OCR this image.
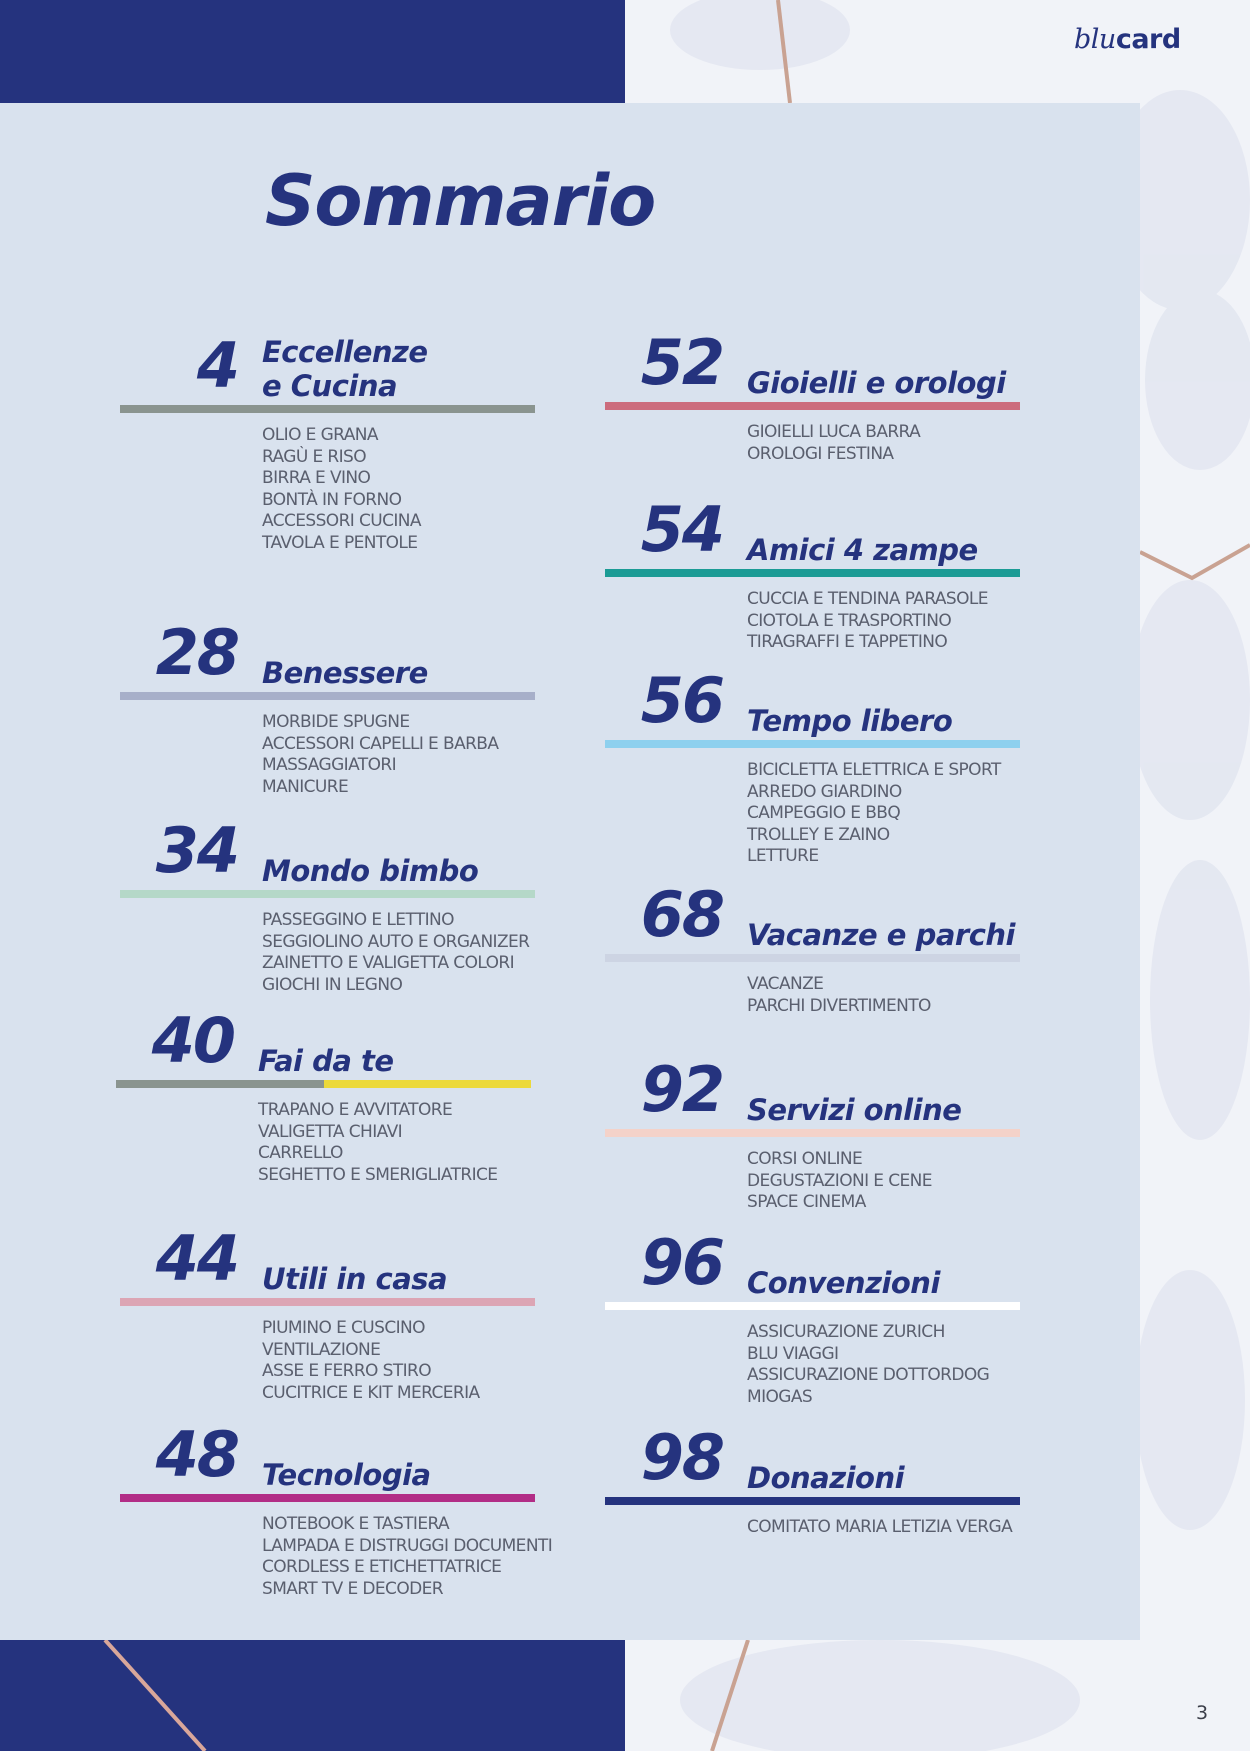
blucard
Sommario
4 Eccellenze
e Cucina
OLIO E GRANA
RAGÙ E RISO
BIRRA E VINO
BONTÀ IN FORNO
ACCESSORI CUCINA
TAVOLA E PENTOLE
28 Benessere
MORBIDE SPUGNE
ACCESSORI CAPELLI E BARBA
MASSAGGIATORI
MANICURE
34 Mondo bimbo
PASSEGGINO E LETTINO
SEGGIOLINO AUTO E ORGANIZER
ZAINETTO E VALIGETTA COLORI
GIOCHI IN LEGNO
40 Fai da te
TRAPANO E AVVITATORE
VALIGETTA CHIAVI
CARRELLO
SEGHETTO E SMERIGLIATRICE
44 Utili in casa
PIUMINO E CUSCINO
VENTILAZIONE
ASSE E FERRO STIRO
CUCITRICE E KIT MERCERIA
48 Tecnologia
NOTEBOOK E TASTIERA
LAMPADA E DISTRUGGI DOCUMENTI
CORDLESS E ETICHETTATRICE
SMART TV E DECODER
52 Gioielli e orologi
GIOIELLI LUCA BARRA
OROLOGI FESTINA
54 Amici 4 zampe
CUCCIA E TENDINA PARASOLE
CIOTOLA E TRASPORTINO
TIRAGRAFFI E TAPPETINO
56 Tempo libero
BICICLETTA ELETTRICA E SPORT
ARREDO GIARDINO
CAMPEGGIO E BBQ
TROLLEY E ZAINO
LETTURE
68 Vacanze e parchi
VACANZE
PARCHI DIVERTIMENTO
92 Servizi online
CORSI ONLINE
DEGUSTAZIONI E CENE
SPACE CINEMA
96 Convenzioni
ASSICURAZIONE ZURICH
BLU VIAGGI
ASSICURAZIONE DOTTORDOG
MIOGAS
98 Donazioni
COMITATO MARIA LETIZIA VERGA
3
